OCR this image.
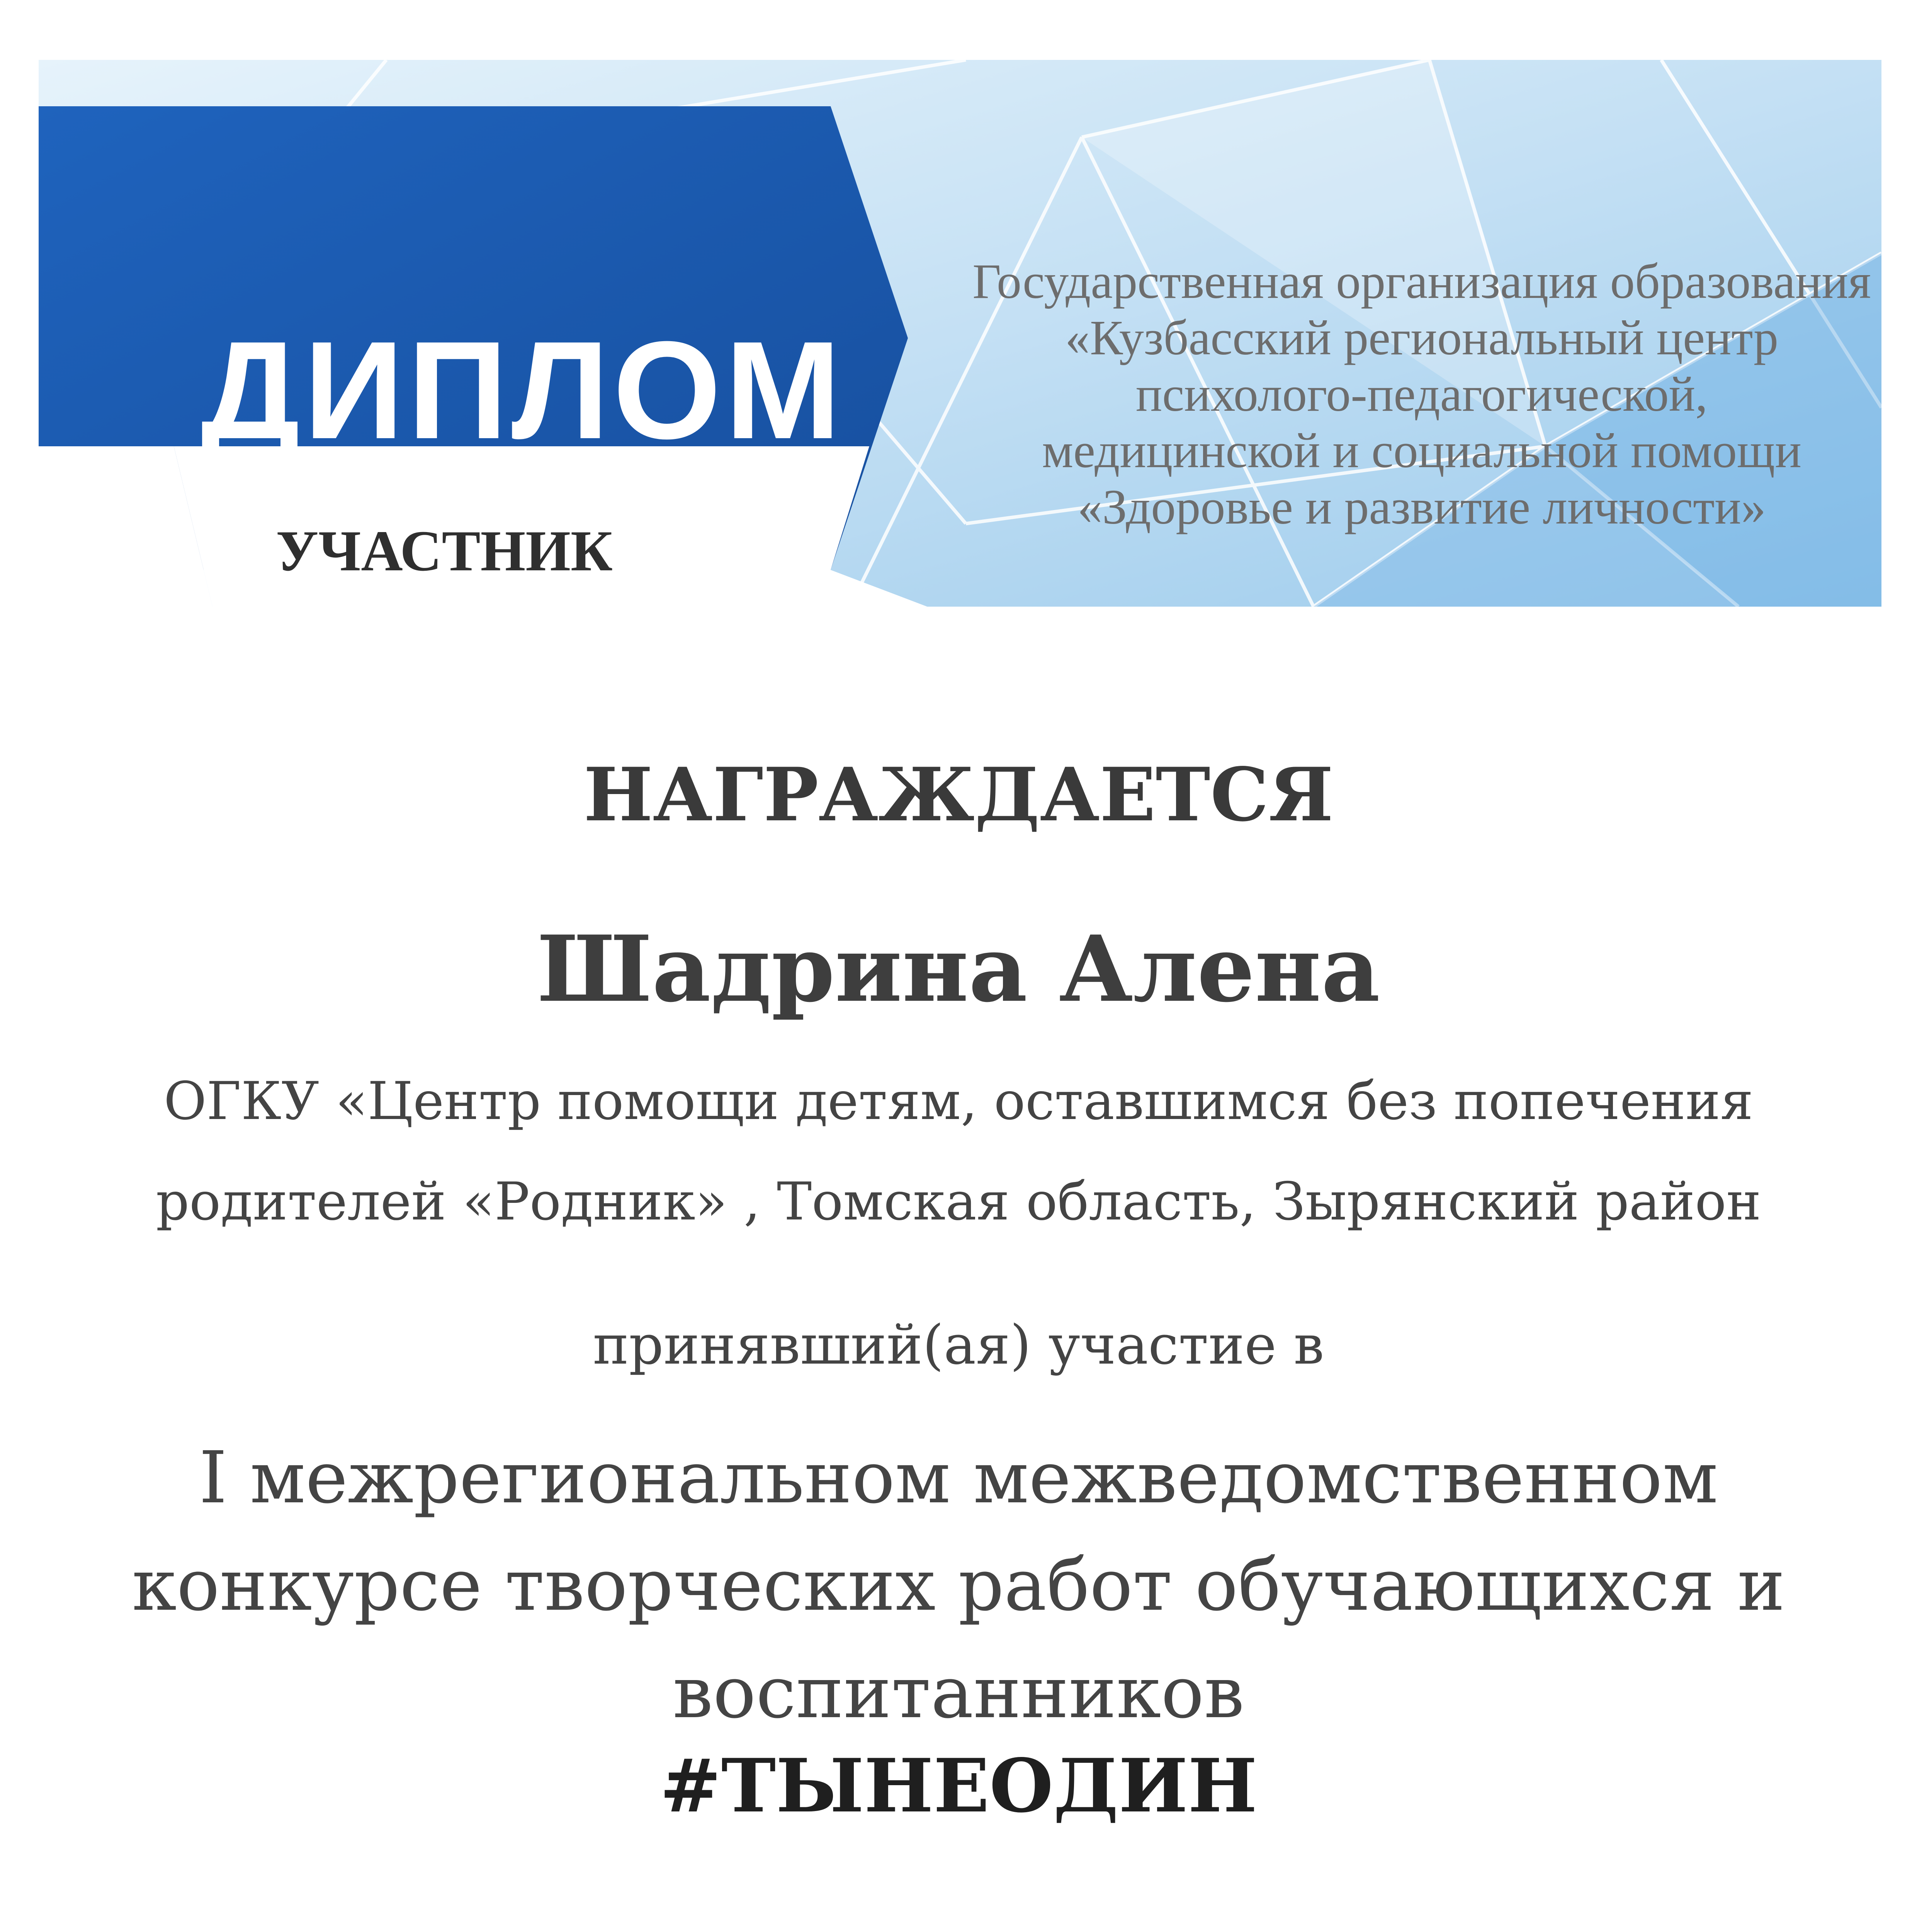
ДИПЛОМ
Государственная организация образования
«Кузбасский региональный центр
психолого-педагогической,
медицинской и социальной помощи
«Здоровье и развитие личности»
УЧАСТНИК
НАГРАЖДАЕТСЯ
Шадрина Алена
ОГКУ «Центр помощи детям, оставшимся без попечения
родителей «Родник» , Томская область, Зырянский район
принявший(ая) участие в
I межрегиональном межведомственном
конкурсе творческих работ обучающихся и
воспитанников
#ТЫНЕОДИН
